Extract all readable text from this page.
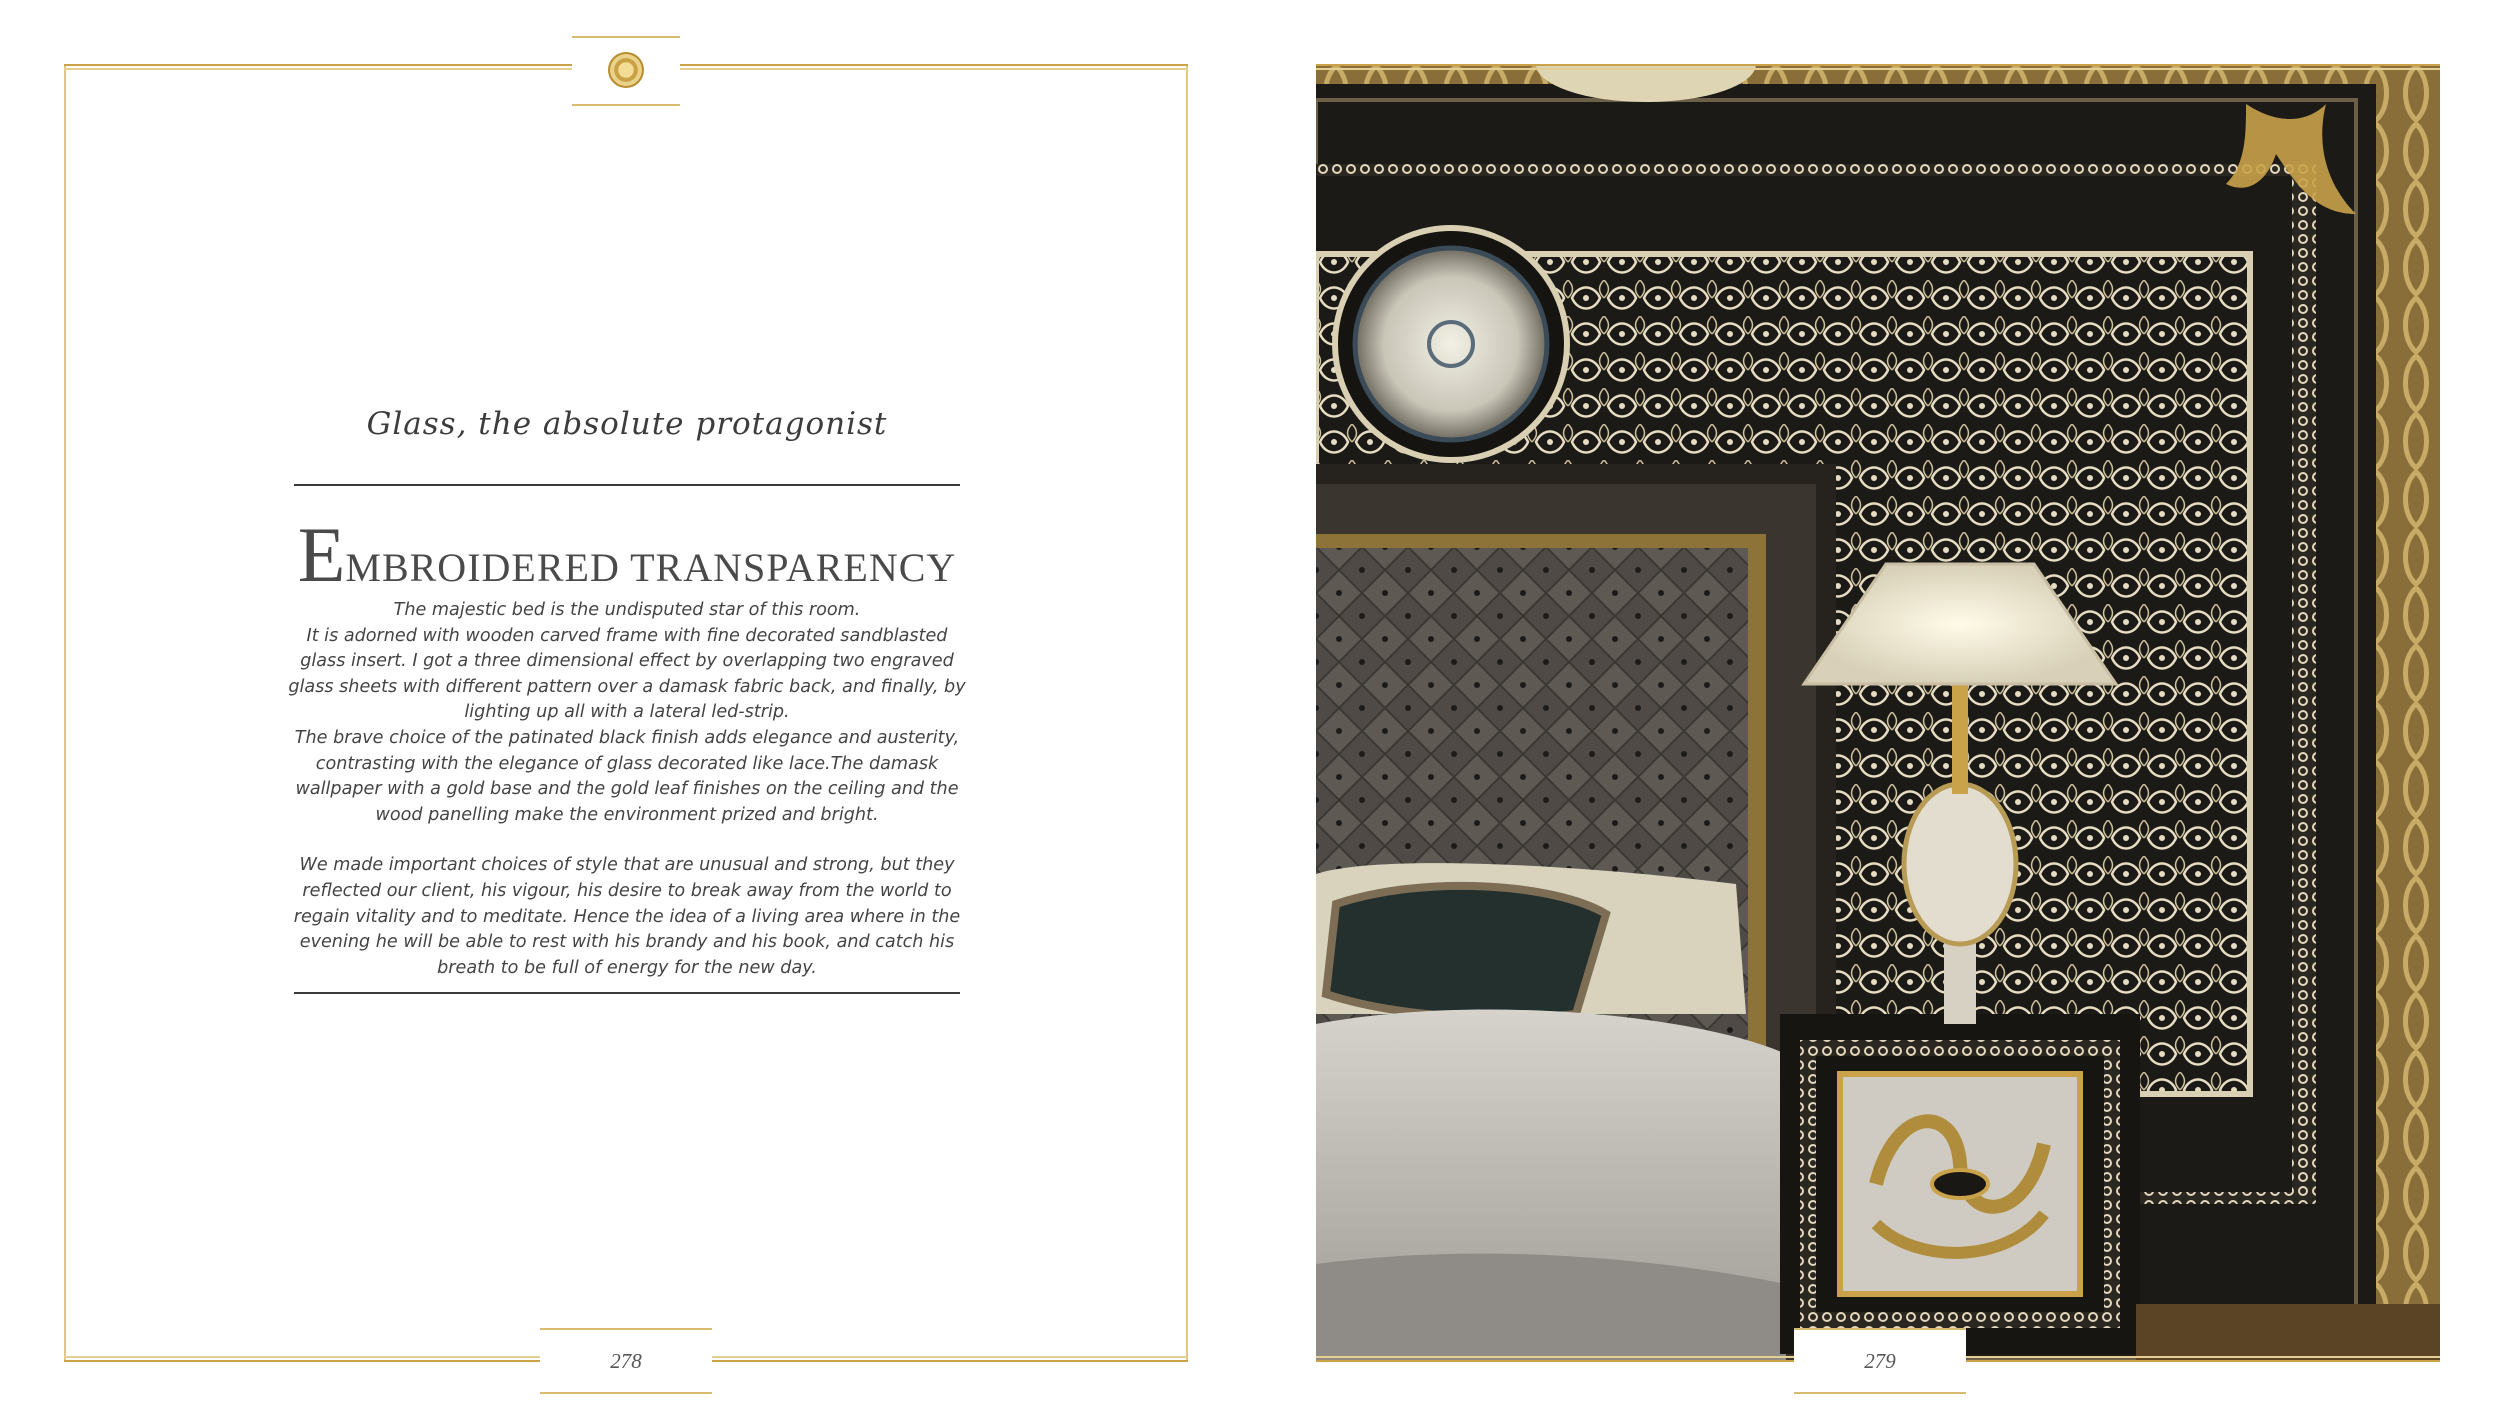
Glass, the absolute protagonist
EMBROIDERED TRANSPARENCY

The majestic bed is the undisputed star of this room.

It is adorned with wooden carved frame with fine decorated sandblasted glass insert. I got a three dimensional effect by overlapping two engraved glass sheets with different pattern over a damask fabric back, and finally, by lighting up all with a lateral led-strip.

The brave choice of the patinated black finish adds elegance and austerity, contrasting with the elegance of glass decorated like lace.The damask wallpaper with a gold base and the gold leaf finishes on the ceiling and the wood panelling make the environment prized and bright.

We made important choices of style that are unusual and strong, but they reflected our client, his vigour, his desire to break away from the world to regain vitality and to meditate. Hence the idea of a living area where in the evening he will be able to rest with his brandy and his book, and catch his breath to be full of energy for the new day.

278	279
